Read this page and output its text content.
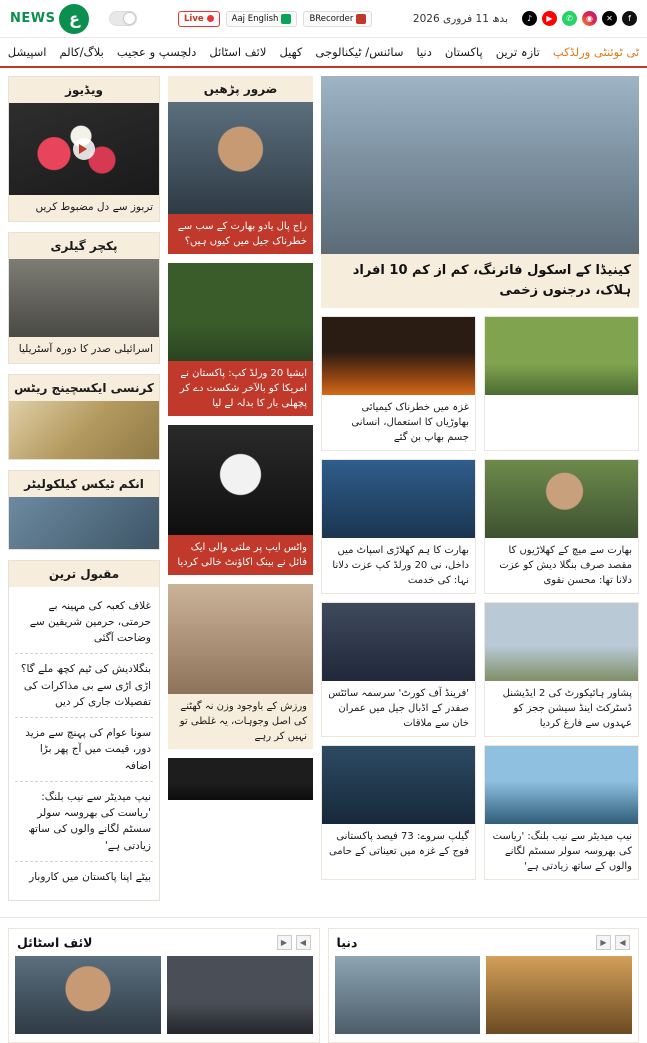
f
✕
◉
✆
▶
♪
بدھ 11 فروری 2026
BRecorder
Aaj English
Live
ع
NEWS
ٹی ٹوئنٹی ورلڈکپ
تازہ ترین
پاکستان
دنیا
سائنس/ ٹیکنالوجی
کھیل
لائف اسٹائل
دلچسپ و عجیب
بلاگ/کالم
اسپیشل
کینیڈا کے اسکول فائرنگ، کم از کم 10 افراد ہلاک، درجنوں زخمی
غزہ میں خطرناک کیمیائی بھاوڑیاں کا استعمال، انسانی جسم بھاپ بن گئے
بھارت سے میچ کے کھلاڑیوں کا مقصد صرف بنگلا دیش کو عزت دلانا تھا: محسن نقوی
بھارت کا ہم کھلاڑی اسپاٹ میں داخل، نی 20 ورلڈ کپ عزت دلانا نہا: کی خدمت
پشاور ہائیکورٹ کی 2 ایڈیشنل ڈسٹرکٹ اینڈ سیشن ججز کو عہدوں سے فارغ کردیا
'فرینڈ آف کورٹ' سرسمہ سائٹس صفدر کے اڈبال جیل میں عمران خان سے ملاقات
نیپ میدیٹر سے نیب بلنگ: 'ریاست کی بھروسہ سولر سسٹم لگانے والوں کے ساتھ زیادتی ہے'
گیلپ سروے: 73 فیصد پاکستانی فوج کے غزہ میں تعیناتی کے حامی
ضرور پڑھیں
راج پال یادو بھارت کے سب سے خطرناک جیل میں کیوں ہیں؟
ایشیا 20 ورلڈ کپ: پاکستان نے امریکا کو بالآخر شکست دے کر پچھلی بار کا بدلہ لے لیا
واٹس ایپ پر ملتی والی ایک فائل نے بینک اکاؤنٹ خالی کردیا
ورزش کے باوجود وزن نہ گھٹنے کی اصل وجوہات، یہ غلطی تو نہیں کر رہے
ویڈیوز
تربوز سے دل مضبوط کریں
پکچر گیلری
اسرائیلی صدر کا دورہ آسٹریلیا
کرنسی ایکسچینج ریٹس
انکم ٹیکس کیلکولیٹر
مقبول ترین
غلاف کعبہ کی مہینہ بے حرمتی، حرمین شریفین سے وضاحت آگئی
بنگلادیش کی ٹیم کچھ ملے گا؟ اڑی اڑی سے بی مذاکرات کی تفصیلات جاری کر دیں
سونا عوام کی پہنچ سے مزید دور، قیمت میں آج پھر بڑا اضافہ
نیپ میدیٹر سے نیب بلنگ: 'ریاست کی بھروسہ سولر سسٹم لگانے والوں کی ساتھ زیادتی ہے'
بیٹے اپنا پاکستان میں کاروبار
◀
▶
دنیا
◀
▶
لائف اسٹائل
